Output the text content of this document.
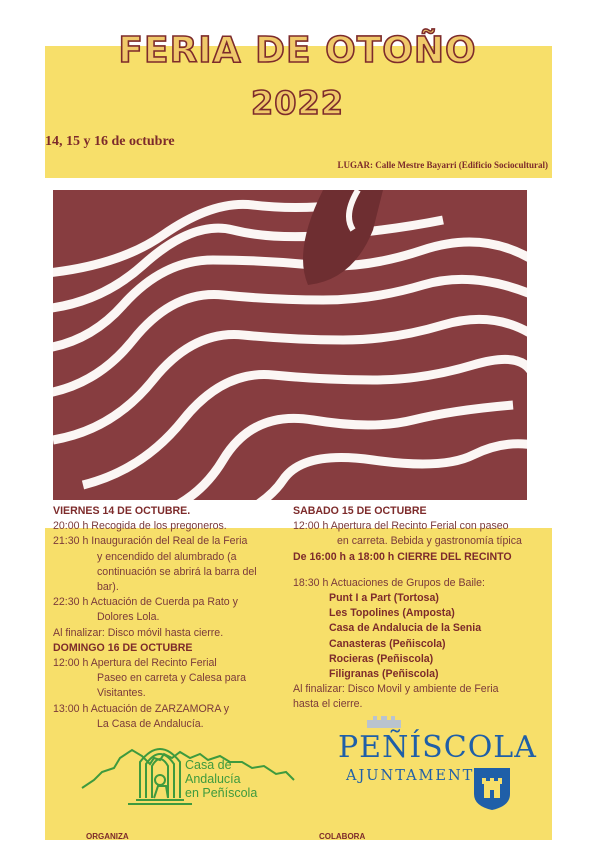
FERIA DE OTOÑO
2022
14, 15 y 16 de octubre
LUGAR: Calle Mestre Bayarri (Edificio Sociocultural)
VIERNES 14 DE OCTUBRE.
20:00 h Recogida de los pregoneros.
21:30 h Inauguración del Real de la Feria
y encendido del alumbrado (a
continuación se abrirá la barra del
bar).
22:30 h Actuación de Cuerda pa Rato y
Dolores Lola.
Al finalizar: Disco móvil hasta cierre.
DOMINGO 16 DE OCTUBRE
12:00 h Apertura del Recinto Ferial
Paseo en carreta y Calesa para
Visitantes.
13:00 h Actuación de ZARZAMORA y
La Casa de Andalucía.
SABADO 15 DE OCTUBRE
12:00 h Apertura del Recinto Ferial con paseo
en carreta. Bebida y gastronomía típica
De 16:00 h a 18:00 h CIERRE DEL RECINTO
18:30 h Actuaciones de Grupos de Baile:
Punt I a Part (Tortosa)
Les Topolines (Amposta)
Casa de Andalucia de la Senia
Canasteras (Peñiscola)
Rocieras (Peñiscola)
Filigranas (Peñiscola)
Al finalizar: Disco Movil y ambiente de Feria
hasta el cierre.
Casa de
Andalucía
en Peñíscola
PEÑÍSCOLA
AJUNTAMENT
ORGANIZA	COLABORA
